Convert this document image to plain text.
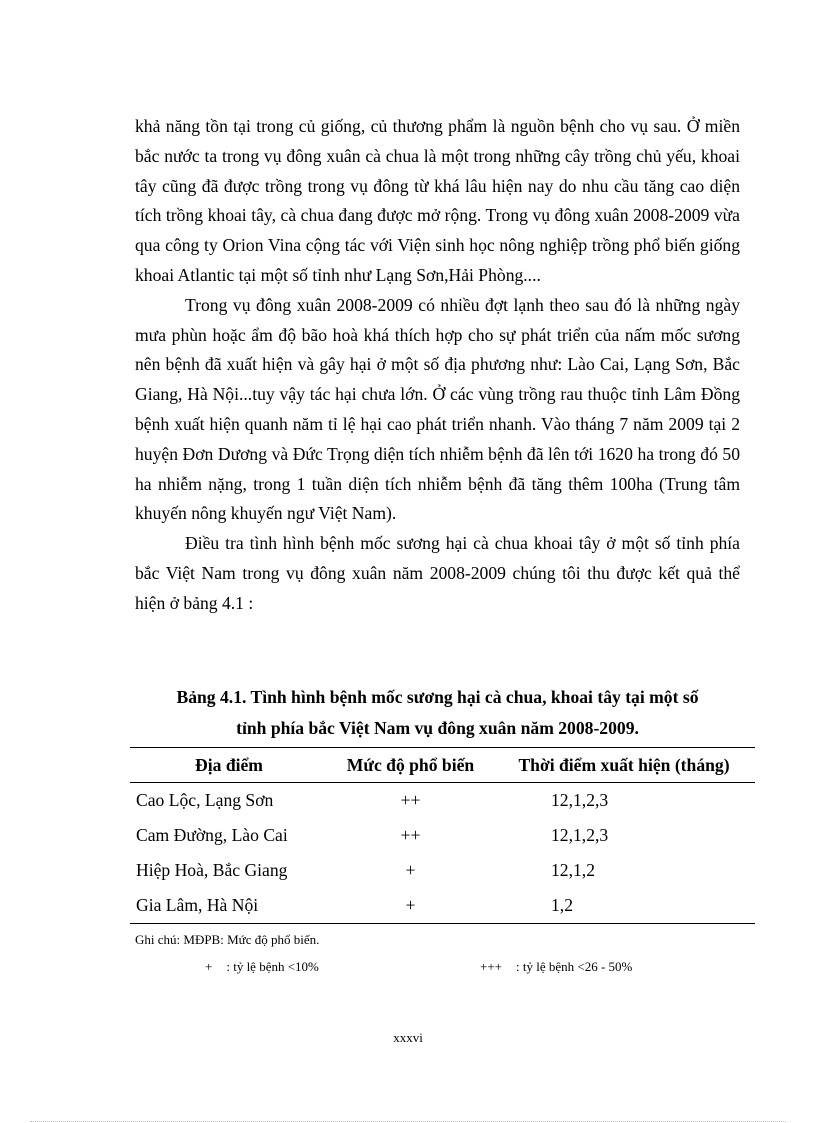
khả năng tồn tại trong củ giống, củ thương phẩm là nguồn bệnh cho vụ sau. Ở miền bắc nước ta trong vụ đông xuân cà chua là một trong những cây trồng chủ yếu, khoai tây cũng đã được trồng trong vụ đông từ khá lâu hiện nay do nhu cầu tăng cao diện tích trồng khoai tây, cà chua đang được mở rộng. Trong vụ đông xuân 2008-2009 vừa qua công ty Orion Vina cộng tác với Viện sinh học nông nghiệp trồng phổ biến giống khoai Atlantic tại một số tỉnh như Lạng Sơn,Hải Phòng....

Trong vụ đông xuân 2008-2009 có nhiều đợt lạnh theo sau đó là những ngày mưa phùn hoặc ẩm độ bão hoà khá thích hợp cho sự phát triển của nấm mốc sương nên bệnh đã xuất hiện và gây hại ở một số địa phương như: Lào Cai, Lạng Sơn, Bắc Giang, Hà Nội...tuy vậy tác hại chưa lớn. Ở các vùng trồng rau thuộc tỉnh Lâm Đồng bệnh xuất hiện quanh năm tỉ lệ hại cao phát triển nhanh. Vào tháng 7 năm 2009 tại 2 huyện Đơn Dương và Đức Trọng diện tích nhiễm bệnh đã lên tới 1620 ha trong đó 50 ha nhiễm nặng, trong 1 tuần diện tích nhiễm bệnh đã tăng thêm 100ha (Trung tâm khuyến nông khuyến ngư Việt Nam).

Điều tra tình hình bệnh mốc sương hại cà chua khoai tây ở một số tỉnh phía bắc Việt Nam trong vụ đông xuân năm 2008-2009 chúng tôi thu được kết quả thể hiện ở bảng 4.1 :

Bảng 4.1. Tình hình bệnh mốc sương hại cà chua, khoai tây tại một số
tỉnh phía bắc Việt Nam vụ đông xuân năm 2008-2009.
Địa điểm	Mức độ phổ biến	Thời điểm xuất hiện (tháng)
Cao Lộc, Lạng Sơn	++	12,1,2,3
Cam Đường, Lào Cai	++	12,1,2,3
Hiệp Hoà, Bắc Giang	+	12,1,2
Gia Lâm, Hà Nội	+	1,2
Ghi chú: MĐPB: Mức độ phổ biến.
+ : tỷ lệ bệnh <10%	+++ : tỷ lệ bệnh <26 - 50%
xxxvi
